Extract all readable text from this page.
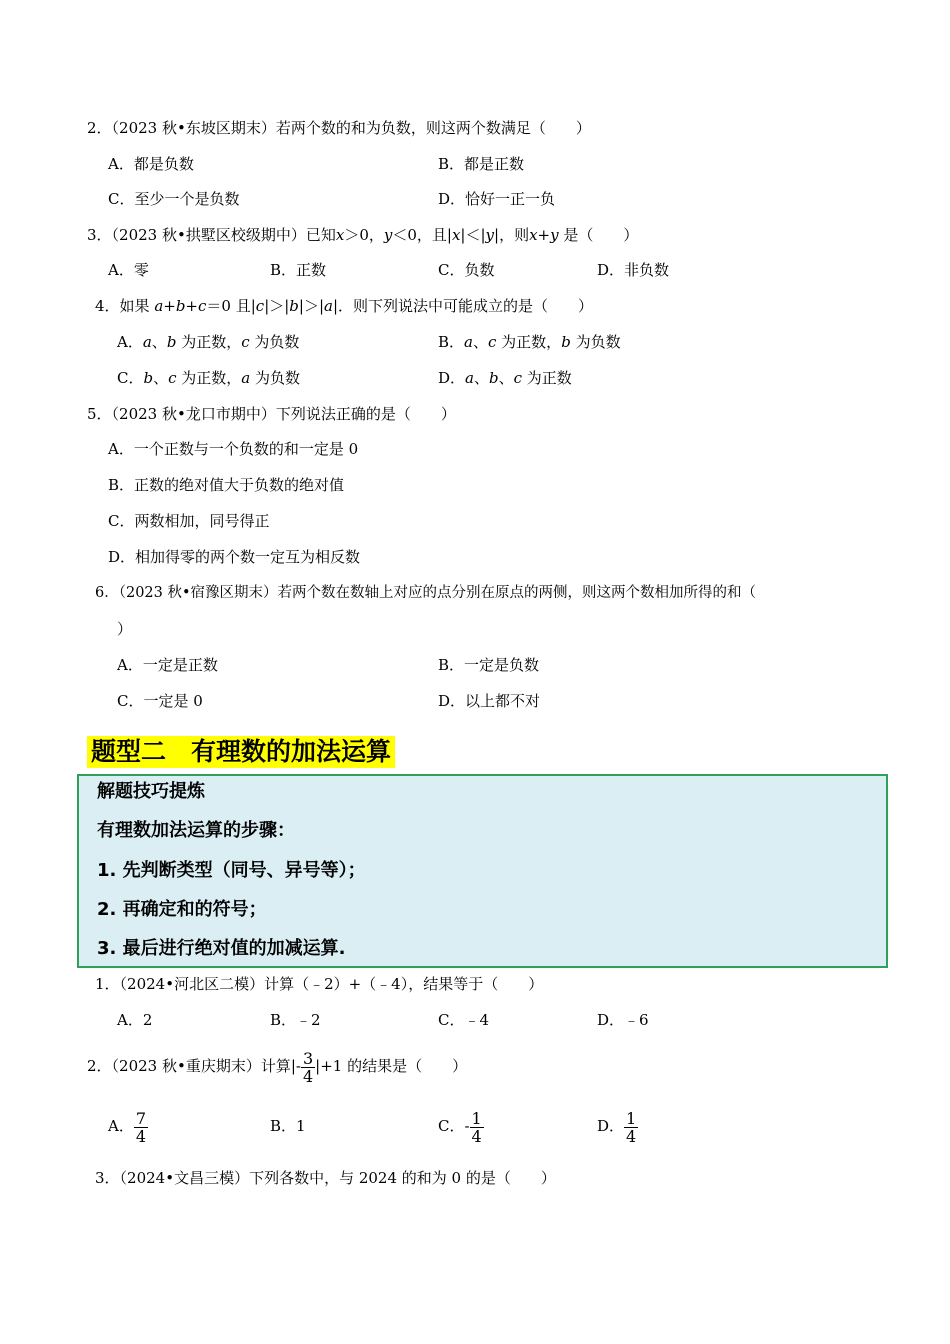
2．（2023 秋•东坡区期末）若两个数的和为负数，则这两个数满足（　　）
A．都是负数	B．都是正数
C．至少一个是负数	D．恰好一正一负
3．（2023 秋•拱墅区校级期中）已知x＞0，y＜0，且|x|＜|y|，则x+y 是（　　）
A．零	B．正数	C．负数	D．非负数
4．如果 a+b+c＝0 且|c|＞|b|＞|a|．则下列说法中可能成立的是（　　）
A．a、b 为正数，c 为负数	B．a、c 为正数，b 为负数
C．b、c 为正数，a 为负数	D．a、b、c 为正数
5．（2023 秋•龙口市期中）下列说法正确的是（　　）
A．一个正数与一个负数的和一定是 0
B．正数的绝对值大于负数的绝对值
C．两数相加，同号得正
D．相加得零的两个数一定互为相反数
6．（2023 秋•宿豫区期末）若两个数在数轴上对应的点分别在原点的两侧，则这两个数相加所得的和（
）
A．一定是正数	B．一定是负数
C．一定是 0	D．以上都不对
题型二　有理数的加法运算
解题技巧提炼
有理数加法运算的步骤：
1. 先判断类型（同号、异号等）；
2. 再确定和的符号；
3. 最后进行绝对值的加减运算.
1．（2024•河北区二模）计算（﹣2）+（﹣4），结果等于（　　）
A．2	B．﹣2	C．﹣4	D．﹣6
2．（2023 秋•重庆期末）计算|- $\frac{3}{4} |+1$ 的结果是（　　）
A． $\frac{7}{4}$	B．1	C．- $\frac{1}{4}$	D． $\frac{1}{4}$
3．（2024•文昌三模）下列各数中，与 2024 的和为 0 的是（　　）
